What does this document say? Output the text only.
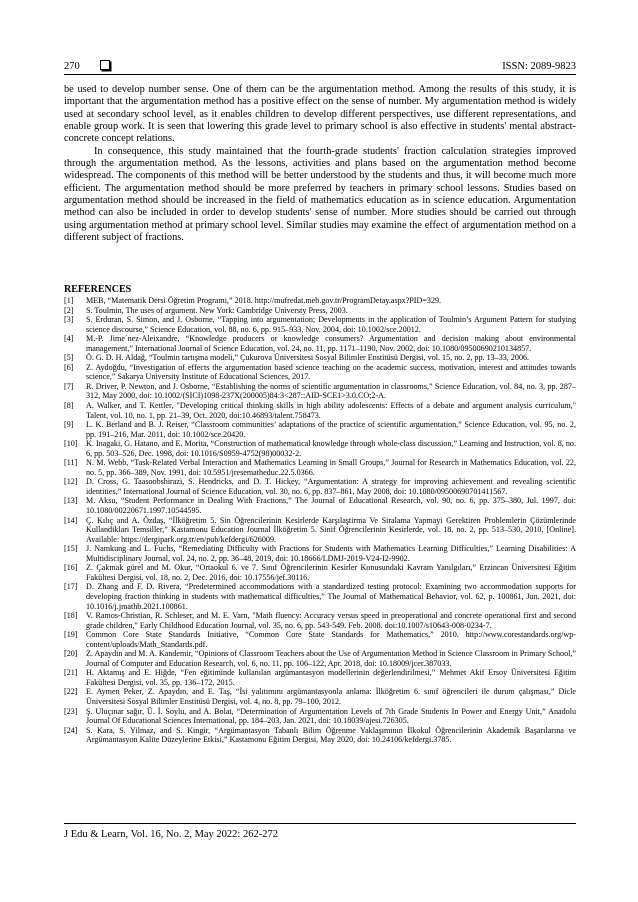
270	ISSN: 2089-9823

be used to develop number sense. One of them can be the argumentation method. Among the results of this study, it is important that the argumentation method has a positive effect on the sense of number. My argumentation method is widely used at secondary school level, as it enables children to develop different perspectives, use different representations, and enable group work. It is seen that lowering this grade level to primary school is also effective in students' mental abstract-concrete concept relations.

In consequence, this study maintained that the fourth-grade students' fraction calculation strategies improved through the argumentation method. As the lessons, activities and plans based on the argumentation method become widespread. The components of this method will be better understood by the students and thus, it will become much more efficient. The argumentation method should be more preferred by teachers in primary school lessons. Studies based on argumentation method should be increased in the field of mathematics education as in science education. Argumentation method can also be included in order to develop students' sense of number. More studies should be carried out through using argumentation method at primary school level. Similar studies may examine the effect of argumentation method on a different subject of fractions.

REFERENCES
[1]	MEB, “Matematik Dersi Öğretim Programi,” 2018. http://mufredat.meb.gov.tr/ProgramDetay.aspx?PID=329.
[2]	S. Toulmin, The uses of argument. New York: Cambridge Universty Press, 2003.
[3]	S. Erduran, S. Simon, and J. Osborne, “Tapping into argumentation; Developments in the application of Toulmin’s Argument Pattern for studying science discourse,” Science Education, vol. 88, no. 6, pp. 915–933, Nov. 2004, doi: 10.1002/sce.20012.
[4]	M.-P. Jime´nez-Aleixandre, “Knowledge producers or knowledge consumers? Argumentation and decision making about environmental management,” International Journal of Science Education, vol. 24, no. 11, pp. 1171–1190, Nov. 2002, doi: 10.1080/09500690210134857.
[5]	Ö. G. D. H. Aldağ, “Toulmin tartışma modeli,” Çukurova Üniversitesi Sosyal Bilimler Enstitüsü Dergisi, vol. 15, no. 2, pp. 13–33, 2006.
[6]	Z. Aydoğdu, “Investigation of effects the argumentation based science teaching on the academic success, motivation, interest and attitudes towards science,” Sakarya University Institute of Educational Sciences, 2017.
[7]	R. Driver, P. Newton, and J. Osborne, “Establishing the norms of scientific argumentation in classrooms,” Science Education, vol. 84, no. 3, pp. 287–312, May 2000, doi: 10.1002/(SICI)1098-237X(200005)84:3<287::AID-SCE1>3.0.CO;2-A.
[8]	A. Walker, and T. Kettler, "Developing critical thinking skills in high ability adolescents: Effects of a debate and argument analysis curriculum," Talent, vol. 10, no. 1, pp. 21–39, Oct. 2020, doi:10.46893/talent.758473.
[9]	L. K. Berland and B. J. Reiser, “Classroom communities’ adaptations of the practice of scientific argumentation,” Science Education, vol. 95, no. 2, pp. 191–216, Mar. 2011, doi: 10.1002/sce.20420.
[10]	K. Inagaki, G. Hatano, and E. Morita, “Construction of mathematical knowledge through whole-class discussion,” Learning and Instruction, vol. 8, no. 6, pp. 503–526, Dec. 1998, doi: 10.1016/S0959-4752(98)00032-2.
[11]	N. M. Webb, “Task-Related Verbal Interaction and Mathematics Learning in Small Groups,” Journal for Research in Mathematics Education, vol. 22, no. 5, pp. 366–389, Nov. 1991, doi: 10.5951/jresematheduc.22.5.0366.
[12]	D. Cross, G. Taasoobshirazi, S. Hendricks, and D. T. Hickey, “Argumentation: A strategy for improving achievement and revealing scientific identities,” International Journal of Science Education, vol. 30, no. 6, pp. 837–861, May 2008, doi: 10.1080/09500690701411567.
[13]	M. Aksu, “Student Performance in Dealing With Fractions,” The Journal of Educational Research, vol. 90, no. 6, pp. 375–380, Jul. 1997, doi: 10.1080/00220671.1997.10544595.
[14]	Ç. Kılıç and A. Özdaş, “İlköğretim 5. Sin Öğrencilerinin Kesirlerde Karşılaştirma Ve Siralama Yapmayi Gerektiren Problemlerin Çözümlerinde Kullandiklari Temsiller,” Kastamonu Education Journal İlköğretim 5. Sinif Öğrencilerinin Kesirlerde, vol. 18, no. 2, pp. 513–530, 2010, [Online]. Available: https://dergipark.org.tr/en/pub/kefdergi/626009.
[15]	J. Namkung and L. Fuchs, “Remediating Difficulty with Fractions for Students with Mathematics Learning Difficulties,” Learning Disabilities: A Multidisciplinary Journal, vol. 24, no. 2, pp. 36–48, 2019, doi: 10.18666/LDMJ-2019-V24-I2-9902.
[16]	Z. Çakmak gürel and M. Okur, “Ortaokul 6. ve 7. Sınıf Öğrencilerinin Kesirler Konusundaki Kavram Yanılgıları,” Erzincan Üniversitesi Eğitim Fakültesi Dergisi, vol. 18, no. 2, Dec. 2016, doi: 10.17556/jef.30116.
[17]	D. Zhang and F. D. Rivera, “Predetermined accommodations with a standardized testing protocol: Examining two accommodation supports for developing fraction thinking in students with mathematical difficulties,” The Journal of Mathematical Behavior, vol. 62, p. 100861, Jun. 2021, doi: 10.1016/j.jmathb.2021.100861.
[18]	V. Ramos-Christian, R. Schleser, and M. E. Varn, "Math fluency: Accuracy versus speed in preoperational and concrete operational first and second grade children," Early Childhood Education Journal, vol. 35, no. 6, pp. 543-549. Feb. 2008. doi:10.1007/s10643-008-0234-7.
[19]	Common Core State Standards Initiative, “Common Core State Standards for Mathematics,” 2010. http://www.corestandards.org/wp-content/uploads/Math_Standards.pdf.
[20]	Z. Apaydin and M. A. Kandemir, “Opinions of Classroom Teachers about the Use of Argumentation Method in Science Classroom in Primary School,” Journal of Computer and Education Research, vol. 6, no. 11, pp. 106–122, Apr. 2018, doi: 10.18009/jcer.387033.
[21]	H. Aktamış and E. Hiğde, “Fen eğitiminde kullanılan argümantasyon modellerinin değerlendirilmesi,” Mehmet Akif Ersoy Üniversitesi Eğitim Fakültesi Dergisi, vol. 35, pp. 136–172, 2015.
[22]	E. Aymen Peker, Z. Apaydın, and E. Taş, “İsi yalıtımını argümantasyonla anlama: İlköğretim 6. sınıf öğrencileri ile durum çalışması,” Dicle Üniversitesi Sosyal Bilimler Enstitüsü Dergisi, vol. 4, no. 8, pp. 79–100, 2012.
[23]	Ş. Uluçınar sağır, Ü. İ. Soylu, and A. Bolat, “Determination of Argumentation Levels of 7th Grade Students In Power and Energy Unit,” Anadolu Journal Of Educational Sciences International, pp. 184–203, Jan. 2021, doi: 10.18039/ajesi.726305.
[24]	S. Kara, S. Yilmaz, and S. Kingir, “Argümantasyon Tabanlı Bilim Öğrenme Yaklaşımının İlkokul Öğrencilerinin Akademik Başarılarına ve Argümantasyon Kalite Düzeylerine Etkisi,” Kastamonu Eğitim Dergisi, May 2020, doi: 10.24106/kefdergi.3785.
J Edu & Learn, Vol. 16, No. 2, May 2022: 262-272
